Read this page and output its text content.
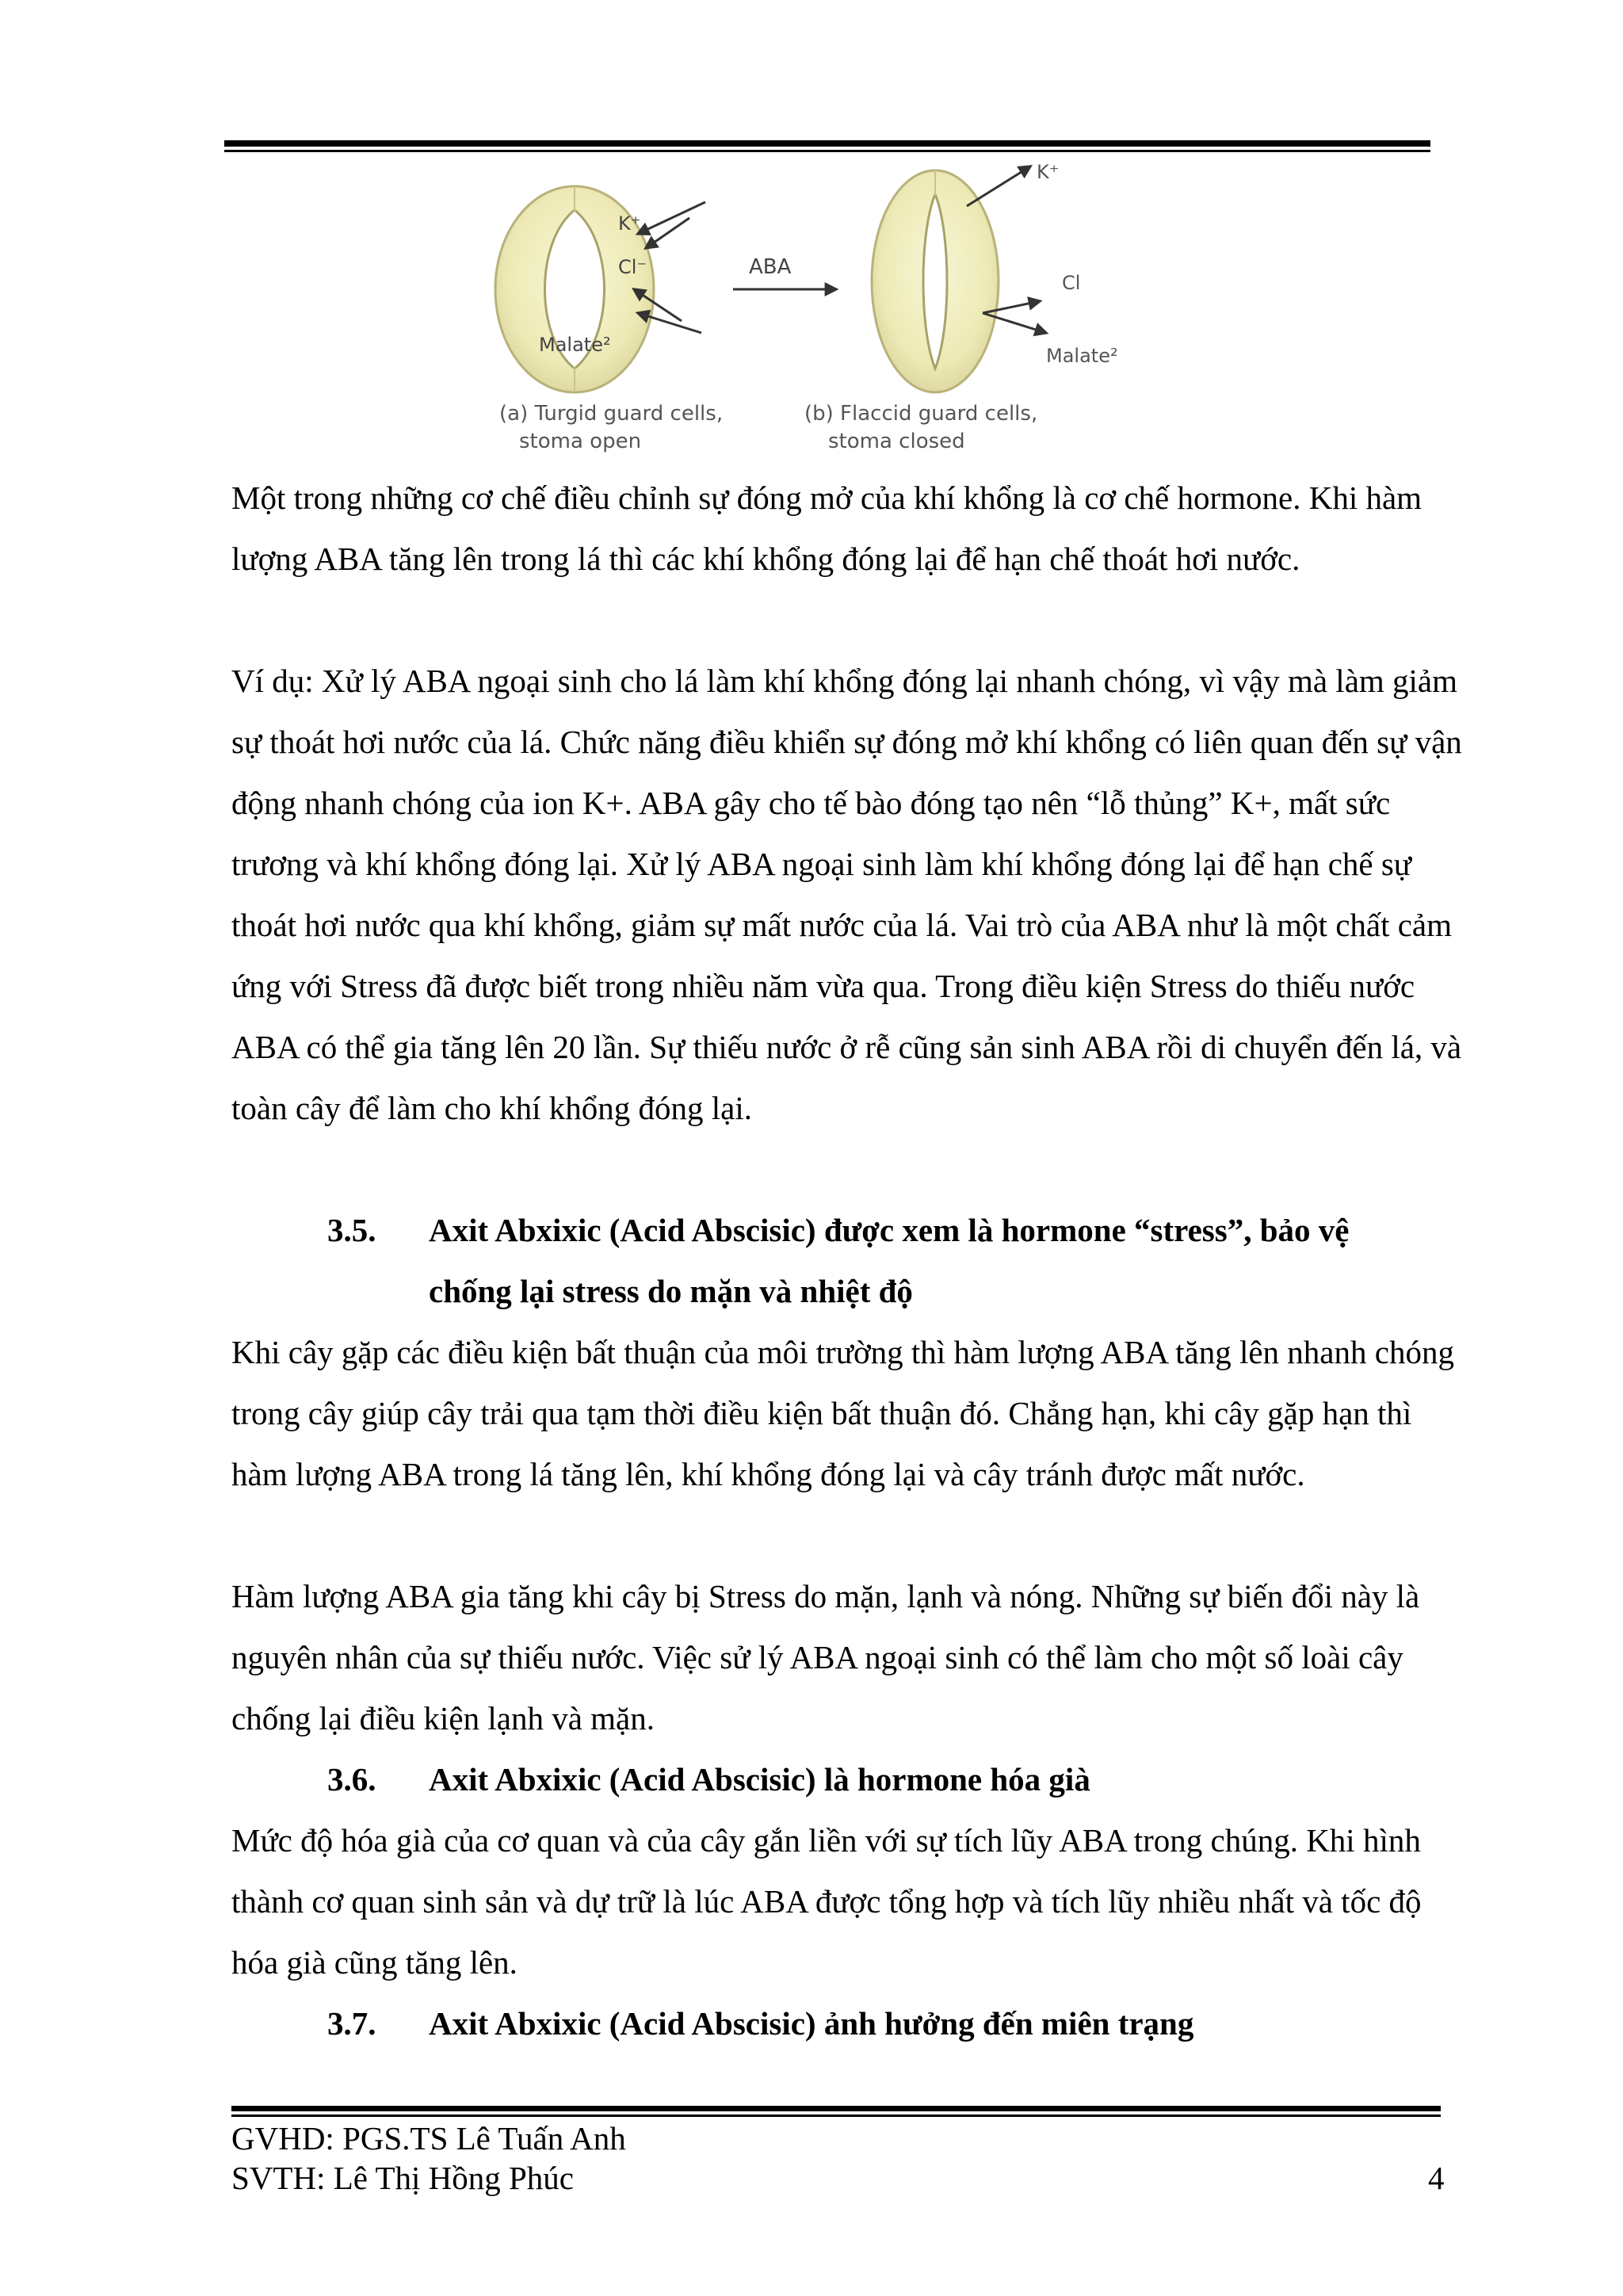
K⁺
Cl⁻
Malate²
ABA
K⁺
Cl
Malate²
(a) Turgid guard cells,
stoma open
(b) Flaccid guard cells,
stoma closed

Một trong những cơ chế điều chỉnh sự đóng mở của khí khổng là cơ chế hormone. Khi hàm lượng ABA tăng lên trong lá thì các khí khổng đóng lại để hạn chế thoát hơi nước.

Ví dụ: Xử lý ABA ngoại sinh cho lá làm khí khổng đóng lại nhanh chóng, vì vậy mà làm giảm sự thoát hơi nước của lá. Chức năng điều khiển sự đóng mở khí khổng có liên quan đến sự vận động nhanh chóng của ion K+. ABA gây cho tế bào đóng tạo nên “lỗ thủng” K+, mất sức trương và khí khổng đóng lại. Xử lý ABA ngoại sinh làm khí khổng đóng lại để hạn chế sự thoát hơi nước qua khí khổng, giảm sự mất nước của lá. Vai trò của ABA như là một chất cảm ứng với Stress đã được biết trong nhiều năm vừa qua. Trong điều kiện Stress do thiếu nước ABA có thể gia tăng lên 20 lần. Sự thiếu nước ở rễ cũng sản sinh ABA rồi di chuyển đến lá, và toàn cây để làm cho khí khổng đóng lại.

3.5. Axit Abxixic (Acid Abscisic) được xem là hormone “stress”, bảo vệ
chống lại stress do mặn và nhiệt độ

Khi cây gặp các điều kiện bất thuận của môi trường thì hàm lượng ABA tăng lên nhanh chóng trong cây giúp cây trải qua tạm thời điều kiện bất thuận đó. Chẳng hạn, khi cây gặp hạn thì hàm lượng ABA trong lá tăng lên, khí khổng đóng lại và cây tránh được mất nước.

Hàm lượng ABA gia tăng khi cây bị Stress do mặn, lạnh và nóng. Những sự biến đổi này là nguyên nhân của sự thiếu nước. Việc sử lý ABA ngoại sinh có thể làm cho một số loài cây chống lại điều kiện lạnh và mặn.

3.6. Axit Abxixic (Acid Abscisic) là hormone hóa già

Mức độ hóa già của cơ quan và của cây gắn liền với sự tích lũy ABA trong chúng. Khi hình thành cơ quan sinh sản và dự trữ là lúc ABA được tổng hợp và tích lũy nhiều nhất và tốc độ hóa già cũng tăng lên.

3.7. Axit Abxixic (Acid Abscisic) ảnh hưởng đến miên trạng
GVHD: PGS.TS Lê Tuấn Anh
SVTH: Lê Thị Hồng Phúc	4
